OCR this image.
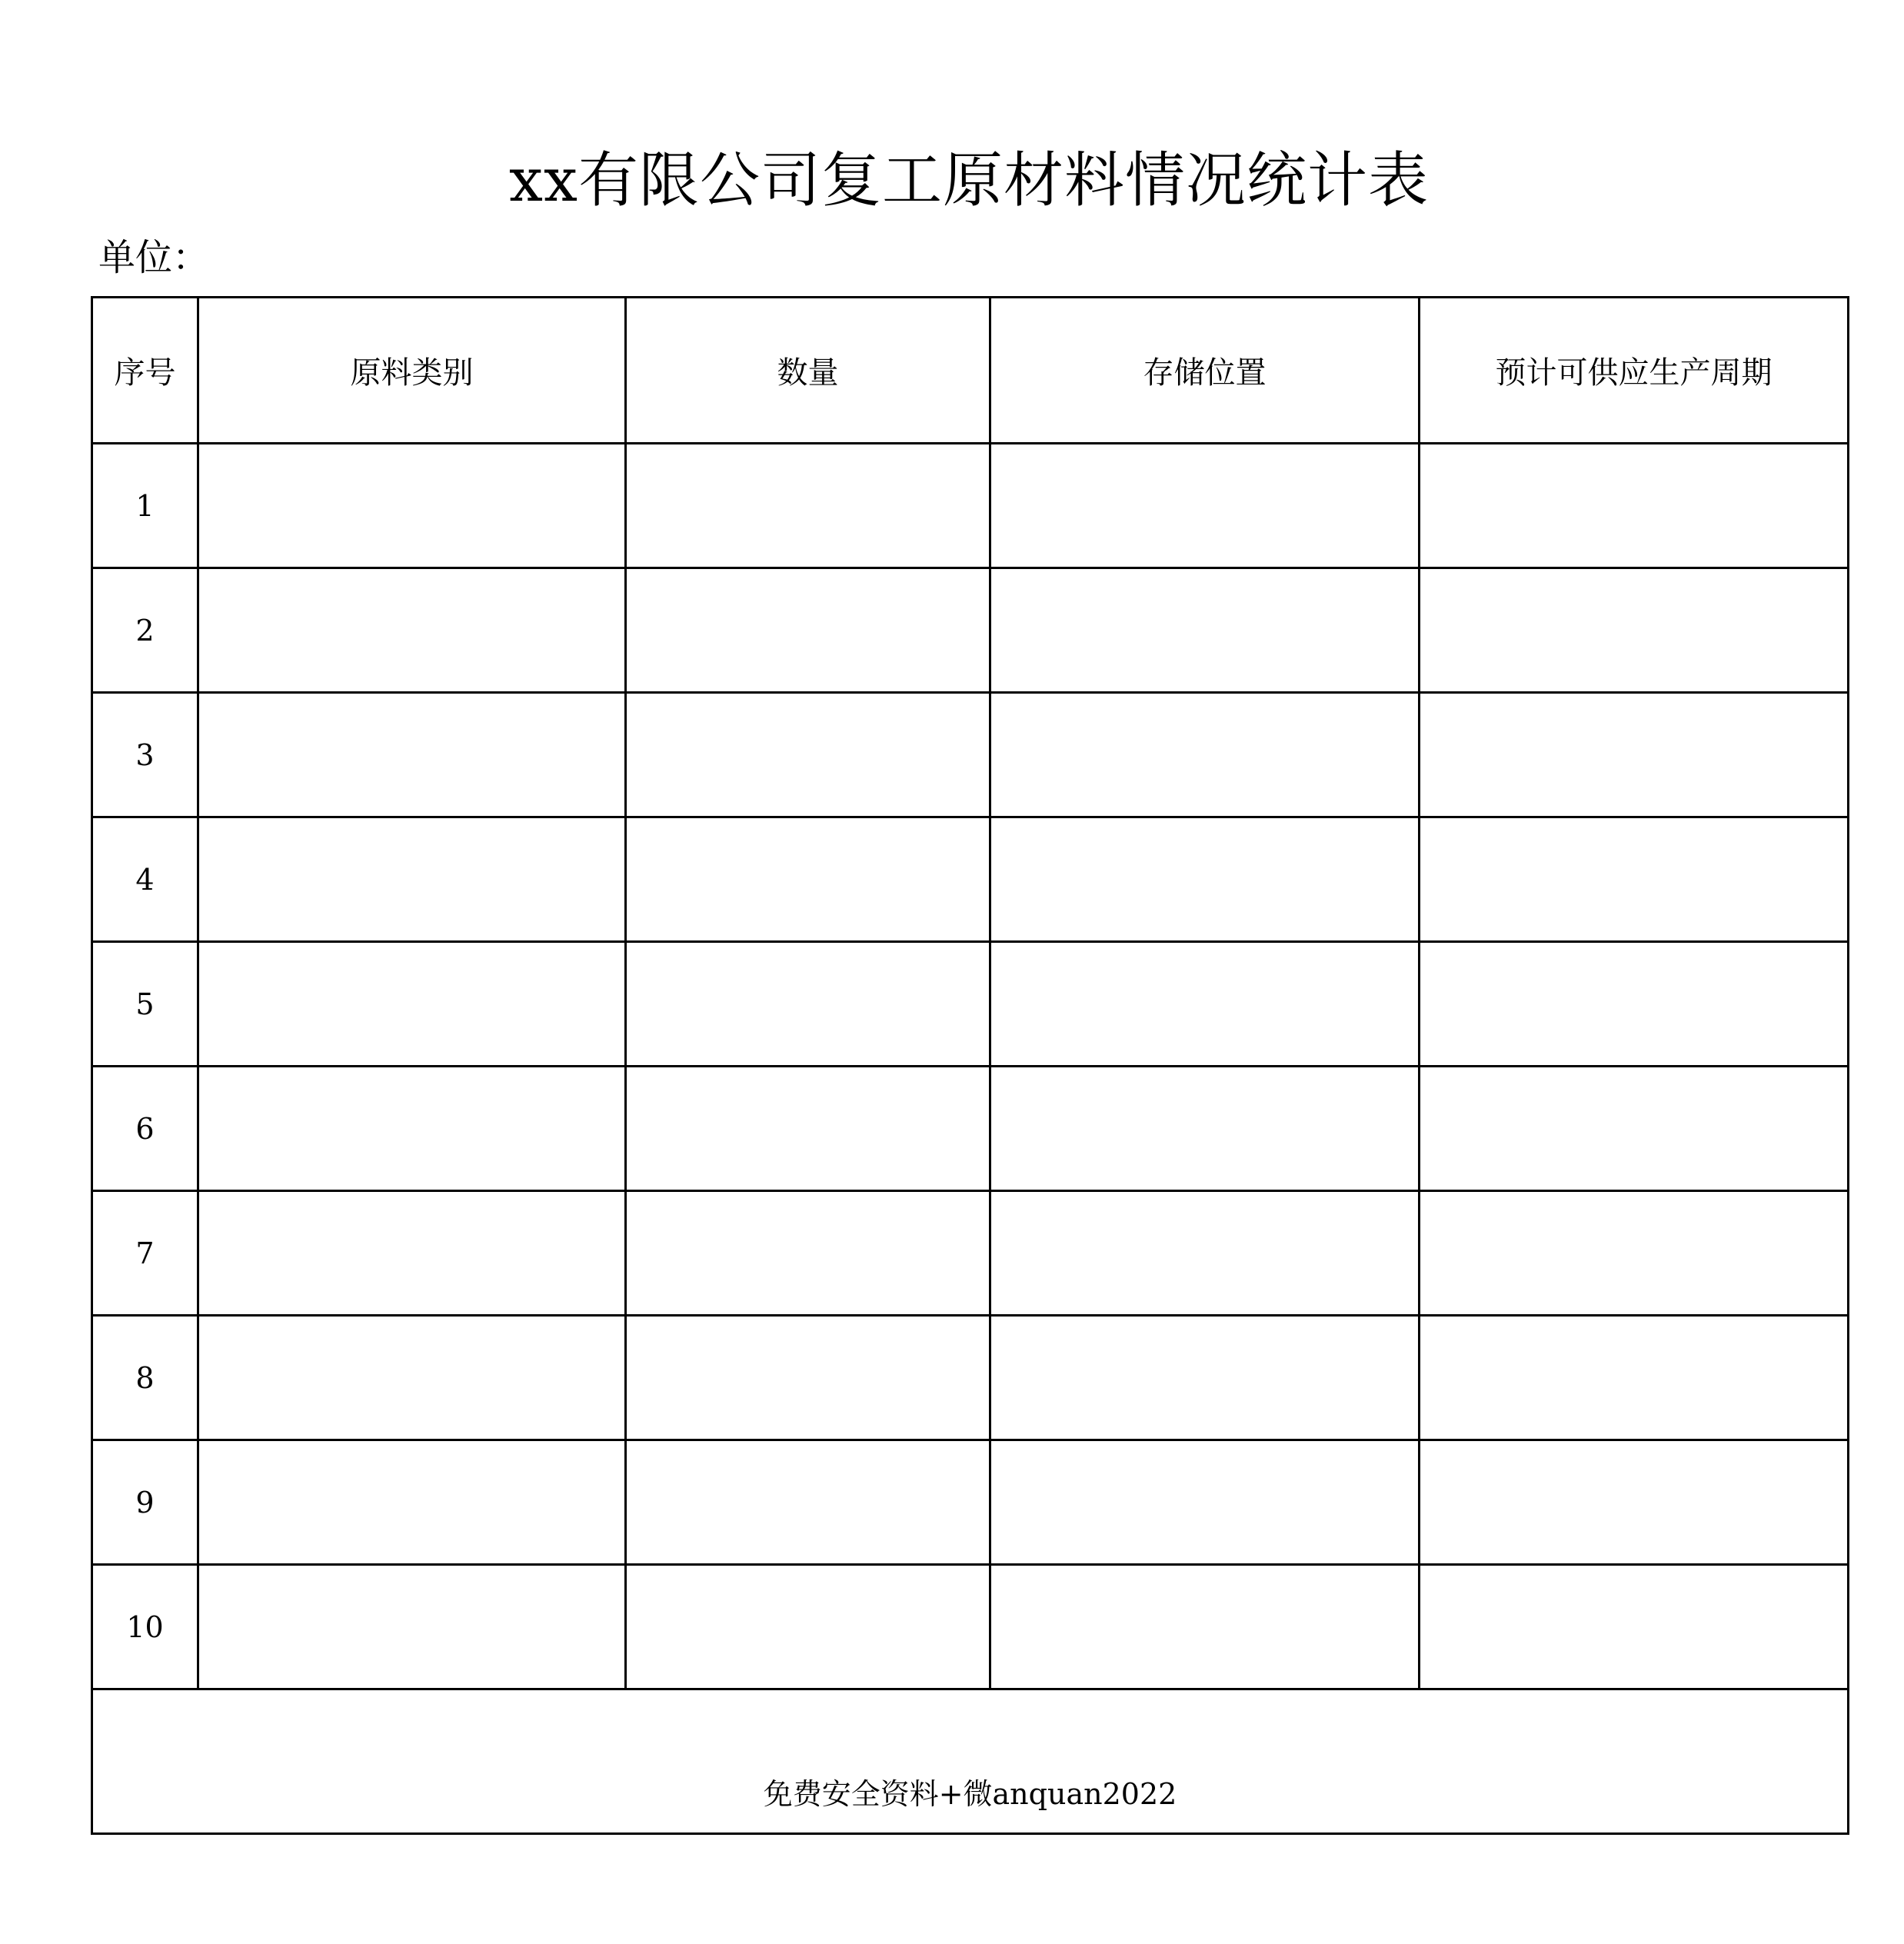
xx有限公司复工原材料情况统计表
单位：
序号	原料类别	数量	存储位置	预计可供应生产周期
1				
2				
3				
4				
5				
6				
7				
8				
9				
10				
免费安全资料+微anquan2022				
